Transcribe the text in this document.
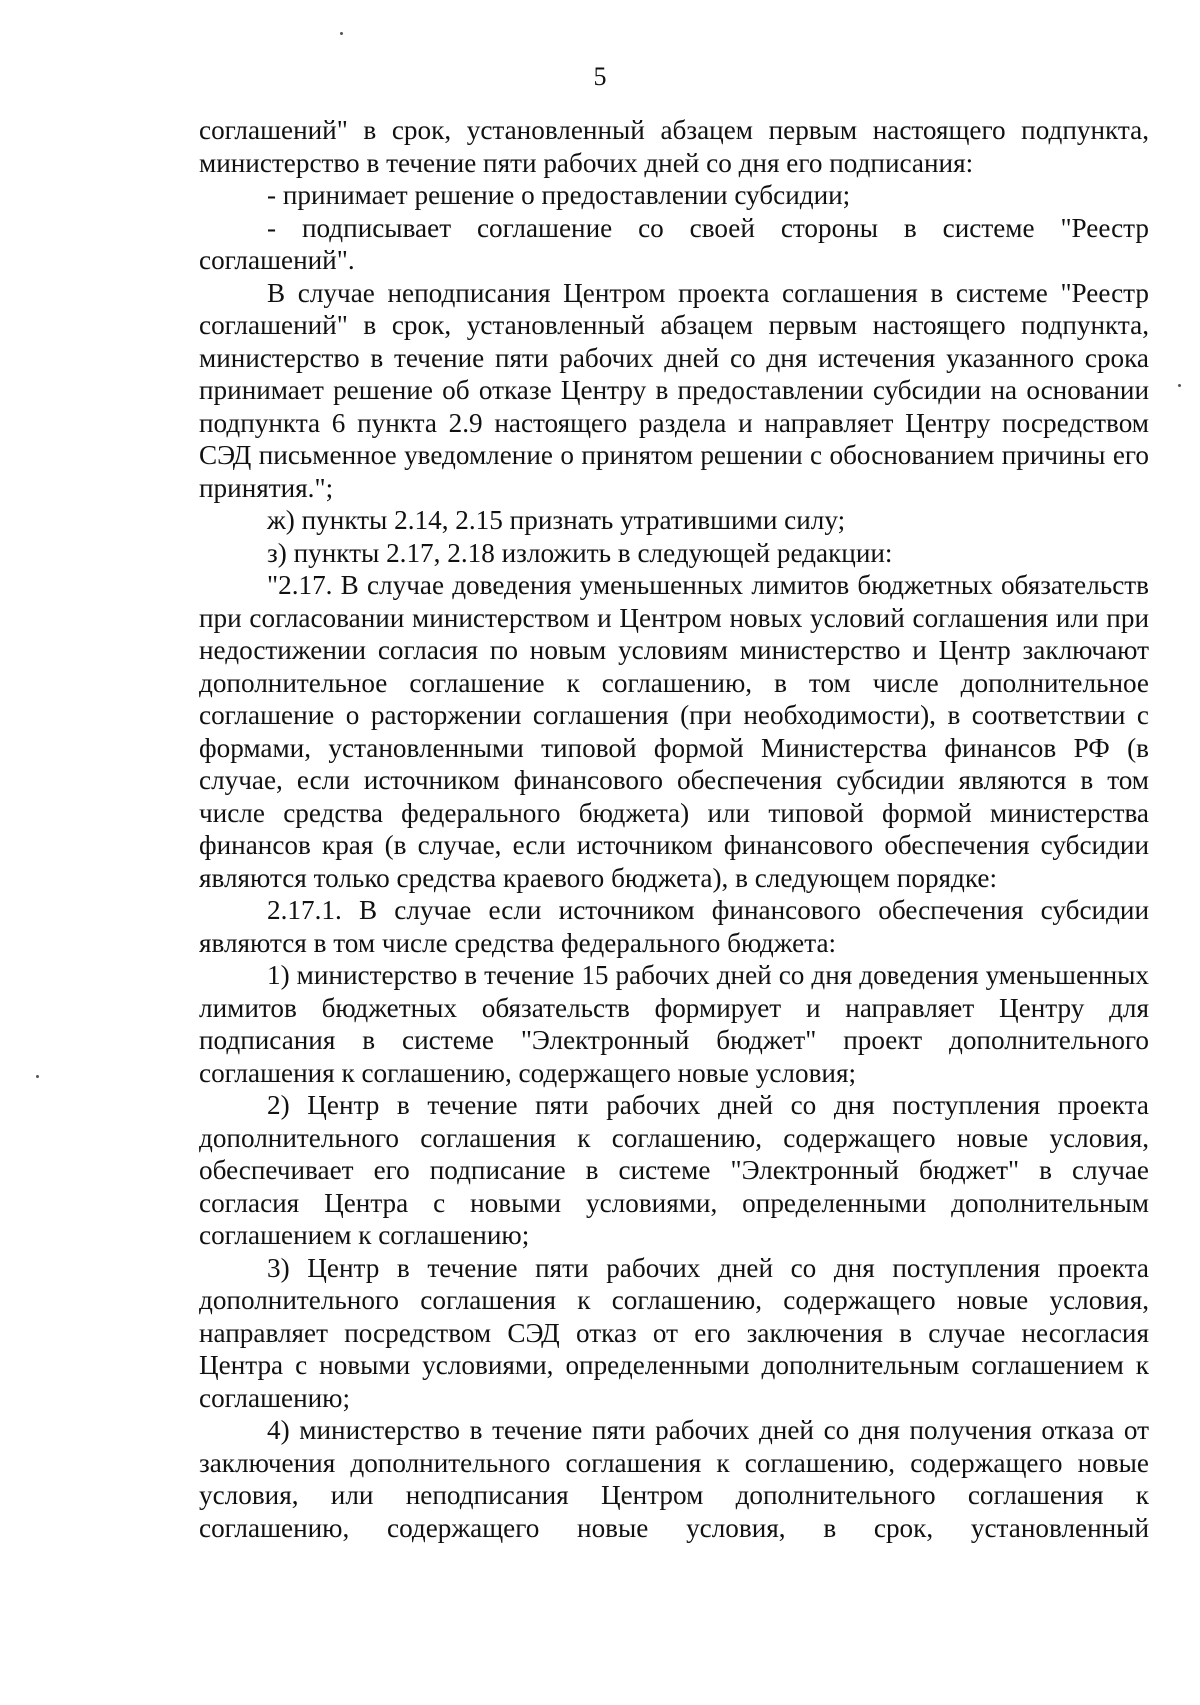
5

соглашений" в срок, установленный абзацем первым настоящего подпункта, министерство в течение пяти рабочих дней со дня его подписания:

- принимает решение о предоставлении субсидии;

- подписывает соглашение со своей стороны в системе "Реестр соглашений".

В случае неподписания Центром проекта соглашения в системе "Реестр соглашений" в срок, установленный абзацем первым настоящего подпункта, министерство в течение пяти рабочих дней со дня истечения указанного срока принимает решение об отказе Центру в предоставлении субсидии на основании подпункта 6 пункта 2.9 настоящего раздела и направляет Центру посредством СЭД письменное уведомление о принятом решении с обоснованием причины его принятия.";

ж) пункты 2.14, 2.15 признать утратившими силу;

з) пункты 2.17, 2.18 изложить в следующей редакции:

"2.17. В случае доведения уменьшенных лимитов бюджетных обязательств при согласовании министерством и Центром новых условий соглашения или при недостижении согласия по новым условиям министерство и Центр заключают дополнительное соглашение к соглашению, в том числе дополнительное соглашение о расторжении соглашения (при необходимости), в соответствии с формами, установленными типовой формой Министерства финансов РФ (в случае, если источником финансового обеспечения субсидии являются в том числе средства федерального бюджета) или типовой формой министерства финансов края (в случае, если источником финансового обеспечения субсидии являются только средства краевого бюджета), в следующем порядке:

2.17.1. В случае если источником финансового обеспечения субсидии являются в том числе средства федерального бюджета:

1) министерство в течение 15 рабочих дней со дня доведения уменьшенных лимитов бюджетных обязательств формирует и направляет Центру для подписания в системе "Электронный бюджет" проект дополнительного соглашения к соглашению, содержащего новые условия;

2) Центр в течение пяти рабочих дней со дня поступления проекта дополнительного соглашения к соглашению, содержащего новые условия, обеспечивает его подписание в системе "Электронный бюджет" в случае согласия Центра с новыми условиями, определенными дополнительным соглашением к соглашению;

3) Центр в течение пяти рабочих дней со дня поступления проекта дополнительного соглашения к соглашению, содержащего новые условия, направляет посредством СЭД отказ от его заключения в случае несогласия Центра с новыми условиями, определенными дополнительным соглашением к соглашению;

4) министерство в течение пяти рабочих дней со дня получения отказа от заключения дополнительного соглашения к соглашению, содержащего новые условия, или неподписания Центром дополнительного соглашения к соглашению, содержащего новые условия, в срок, установленный
